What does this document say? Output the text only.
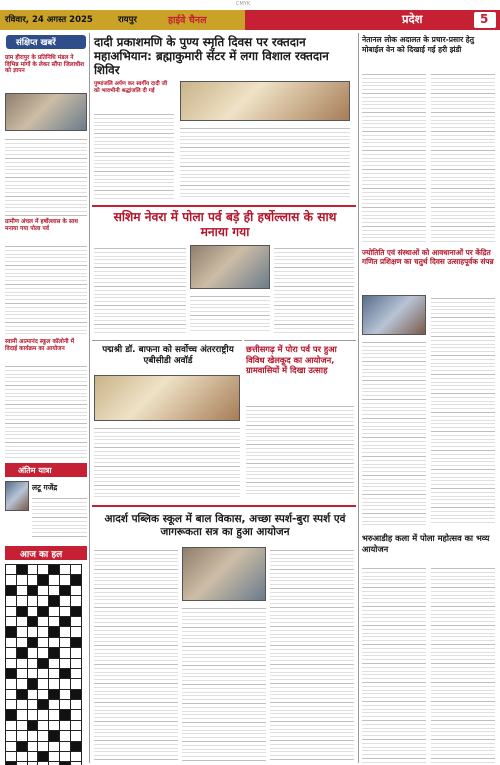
CMYK
रविवार, 24 अगस्त 2025	रायपुर	हाईवे चैनल	प्रदेश	5
संक्षिप्त खबरें
ग्राम हीरापुर के प्रतिनिधि मंडल ने विभिन्न मांगों के लेकर सौंपा जिलाधीश को ज्ञापन
ग्रामीण अंचल में हर्षोल्लास के साथ मनाया गया पोला पर्व
स्वामी आत्मानंद स्कूल कॉलोनी में विदाई कार्यक्रम का आयोजन
अंतिम यात्रा
लटू गजेंद्र
आज का हल

दादी प्रकाशमणि के पुण्य स्मृति दिवस पर रक्तदान महाअभियान: ब्रह्माकुमारी सेंटर में लगा विशाल रक्तदान शिविर
पुष्पांजलि अर्पण कर स्वर्गीय दादी जी को भावभीनी श्रद्धांजलि दी गई
सशिम नेवरा में पोला पर्व बड़े ही हर्षोल्लास के साथ मनाया गया
पद्मश्री डॉ. बाफना को सर्वोच्च अंतरराष्ट्रीय एबीसीडी अवॉर्ड
छत्तीसगढ़ में पोरा पर्व पर हुआ विविध खेलकूद का आयोजन, ग्रामवासियों में दिखा उत्साह
आदर्श पब्लिक स्कूल में बाल विकास, अच्छा स्पर्श-बुरा स्पर्श एवं जागरूकता सत्र का हुआ आयोजन
नेतानल लोक अदालत के प्रचार-प्रसार हेतु मोबाईल वेन को दिखाई गई हरी झंडी
ज्योतिति एवं संस्थाओं को आवधानाओं पर केंद्रित गणित प्रशिक्षण का चतुर्थ दिवस उत्साहपूर्वक संपन्न
भरुआडीह कला में पोला महोत्सव का भव्य आयोजन
